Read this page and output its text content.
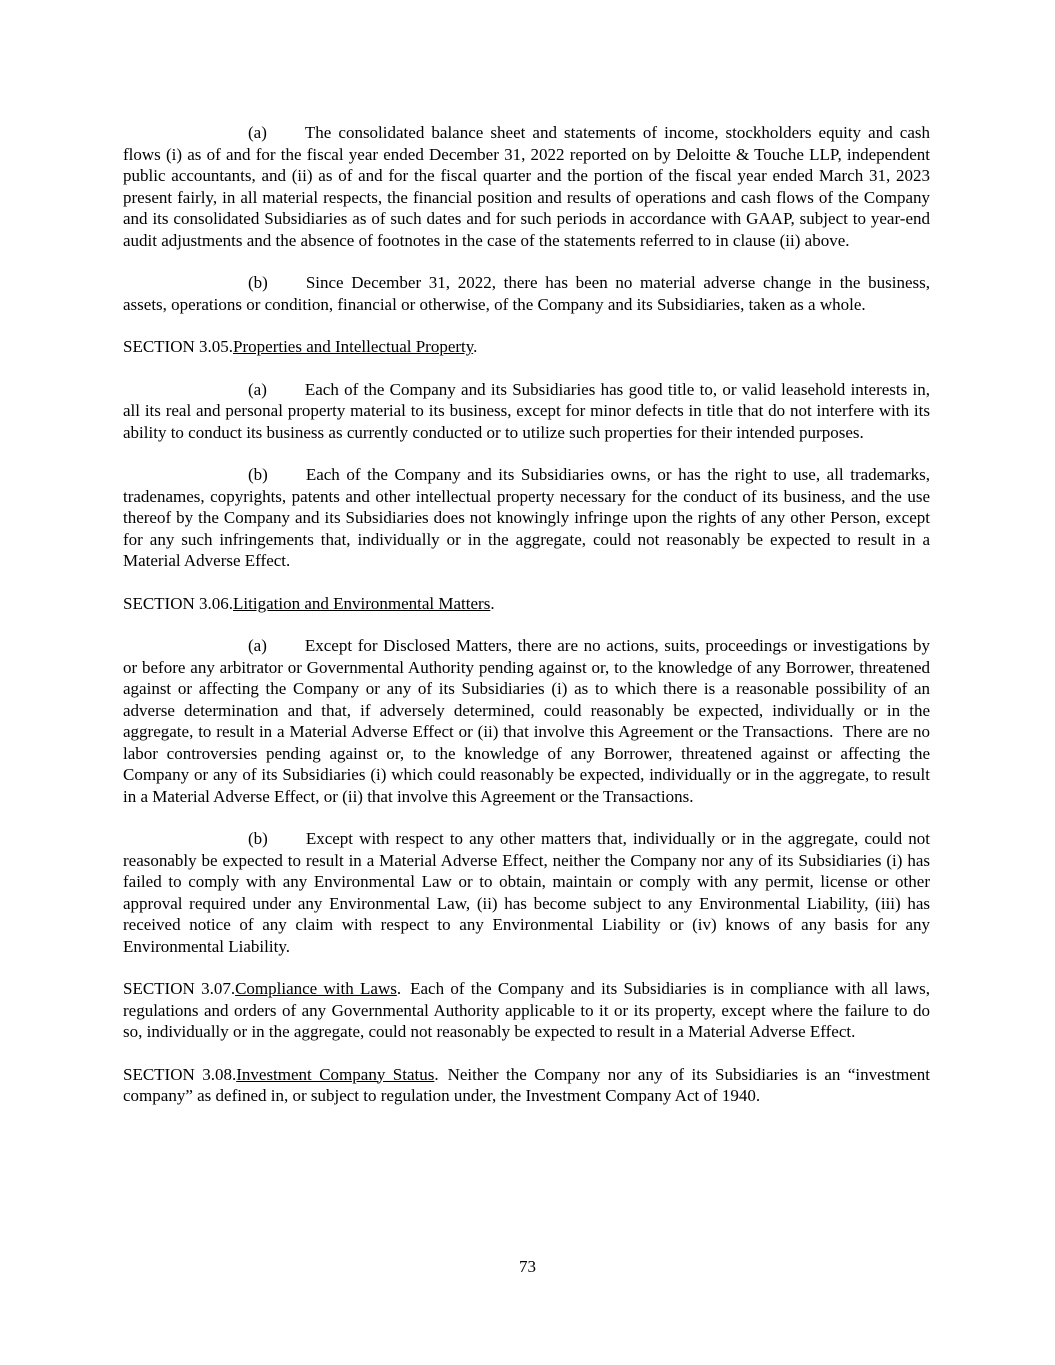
(a) The consolidated balance sheet and statements of income, stockholders equity and cash flows (i) as of and for the fiscal year ended December 31, 2022 reported on by Deloitte & Touche LLP, independent public accountants, and (ii) as of and for the fiscal quarter and the portion of the fiscal year ended March 31, 2023 present fairly, in all material respects, the financial position and results of operations and cash flows of the Company and its consolidated Subsidiaries as of such dates and for such periods in accordance with GAAP, subject to year-end audit adjustments and the absence of footnotes in the case of the statements referred to in clause (ii) above.

(b) Since December 31, 2022, there has been no material adverse change in the business, assets, operations or condition, financial or otherwise, of the Company and its Subsidiaries, taken as a whole.

SECTION 3.05.Properties and Intellectual Property.

(a) Each of the Company and its Subsidiaries has good title to, or valid leasehold interests in, all its real and personal property material to its business, except for minor defects in title that do not interfere with its ability to conduct its business as currently conducted or to utilize such properties for their intended purposes.

(b) Each of the Company and its Subsidiaries owns, or has the right to use, all trademarks, tradenames, copyrights, patents and other intellectual property necessary for the conduct of its business, and the use thereof by the Company and its Subsidiaries does not knowingly infringe upon the rights of any other Person, except for any such infringements that, individually or in the aggregate, could not reasonably be expected to result in a Material Adverse Effect.

SECTION 3.06.Litigation and Environmental Matters.

(a) Except for Disclosed Matters, there are no actions, suits, proceedings or investigations by or before any arbitrator or Governmental Authority pending against or, to the knowledge of any Borrower, threatened against or affecting the Company or any of its Subsidiaries (i) as to which there is a reasonable possibility of an adverse determination and that, if adversely determined, could reasonably be expected, individually or in the aggregate, to result in a Material Adverse Effect or (ii) that involve this Agreement or the Transactions.  There are no labor controversies pending against or, to the knowledge of any Borrower, threatened against or affecting the Company or any of its Subsidiaries (i) which could reasonably be expected, individually or in the aggregate, to result in a Material Adverse Effect, or (ii) that involve this Agreement or the Transactions.

(b) Except with respect to any other matters that, individually or in the aggregate, could not reasonably be expected to result in a Material Adverse Effect, neither the Company nor any of its Subsidiaries (i) has failed to comply with any Environmental Law or to obtain, maintain or comply with any permit, license or other approval required under any Environmental Law, (ii) has become subject to any Environmental Liability, (iii) has received notice of any claim with respect to any Environmental Liability or (iv) knows of any basis for any Environmental Liability.

SECTION 3.07.Compliance with Laws. Each of the Company and its Subsidiaries is in compliance with all laws, regulations and orders of any Governmental Authority applicable to it or its property, except where the failure to do so, individually or in the aggregate, could not reasonably be expected to result in a Material Adverse Effect.

SECTION 3.08.Investment Company Status. Neither the Company nor any of its Subsidiaries is an “investment company” as defined in, or subject to regulation under, the Investment Company Act of 1940.

73
